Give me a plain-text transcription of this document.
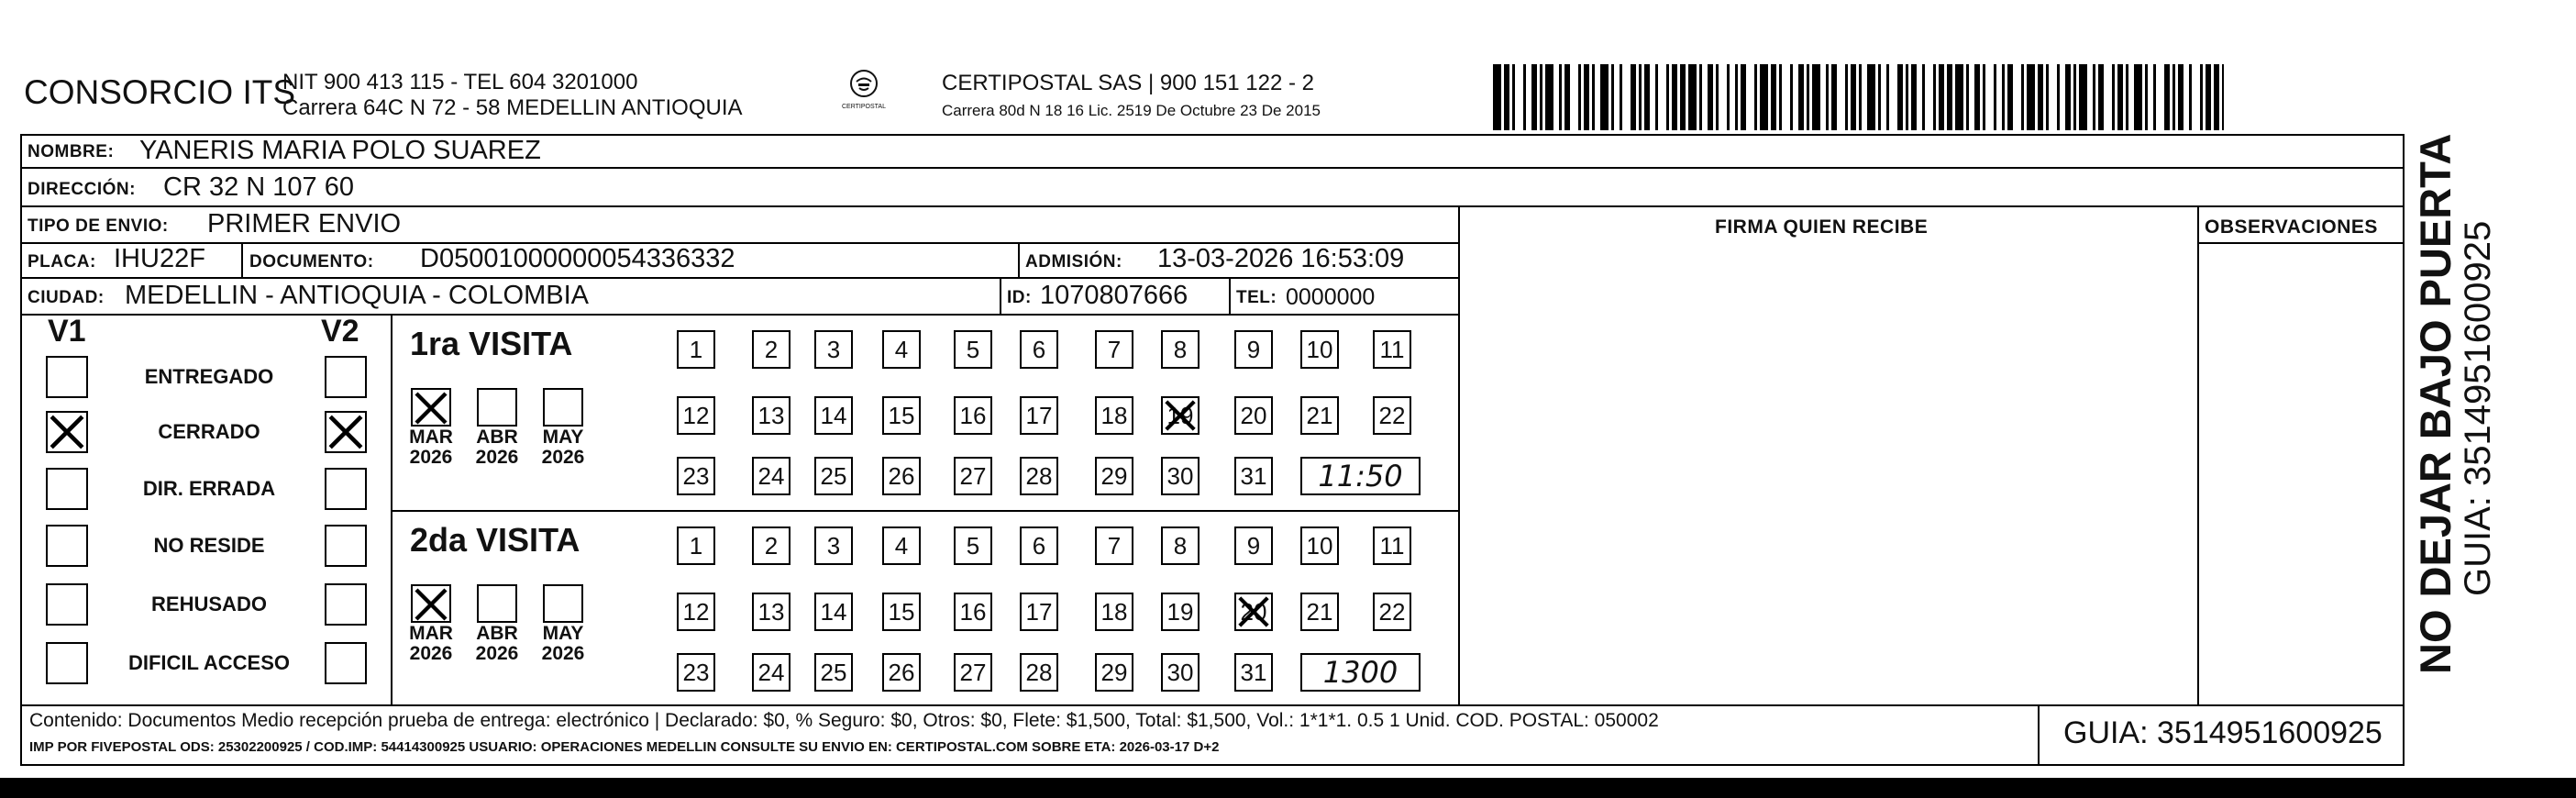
CONSORCIO ITS
NIT 900 413 115 - TEL 604 3201000
Carrera 64C N 72 - 58 MEDELLIN ANTIOQUIA	CERTIPOSTAL
CERTIPOSTAL SAS | 900 151 122 - 2
Carrera 80d N 18 16 Lic. 2519 De Octubre 23 De 2015
NOMBRE: YANERIS MARIA POLO SUAREZ
DIRECCIÓN: CR 32 N 107 60
TIPO DE ENVIO: PRIMER ENVIO	FIRMA QUIEN RECIBE	OBSERVACIONES
PLACA: IHU22F	DOCUMENTO: D05001000000054336332	ADMISIÓN: 13-03-2026 16:53:09
CIUDAD: MEDELLIN - ANTIOQUIA - COLOMBIA	ID: 1070807666	TEL: 0000000
V1	V2
ENTREGADO
CERRADO
DIR. ERRADA
NO RESIDE
REHUSADO
DIFICIL ACCESO
1ra VISITA
MAR
2026
ABR
2026
MAY
2026
1	2	3	4	5	6	7	8	9	10 11
12 13 14 15 16 17 18 19 20 21 22
23 24 25 26 27 28 29 30 31	11:50
2da VISITA
MAR
2026
ABR
2026
MAY
2026
1	2	3	4	5	6	7	8	9	10 11
12 13 14 15 16 17 18 19 20 21 22
23 24 25 26 27 28 29 30 31	1300
Contenido: Documentos Medio recepción prueba de entrega: electrónico | Declarado: $0, % Seguro: $0, Otros: $0, Flete: $1,500, Total: $1,500, Vol.: 1*1*1. 0.5 1 Unid. COD. POSTAL: 050002
IMP POR FIVEPOSTAL ODS: 25302200925 / COD.IMP: 54414300925 USUARIO: OPERACIONES MEDELLIN CONSULTE SU ENVIO EN: CERTIPOSTAL.COM SOBRE ETA: 2026-03-17 D+2	GUIA: 3514951600925
NO DEJAR BAJO PUERTA
GUIA: 3514951600925
